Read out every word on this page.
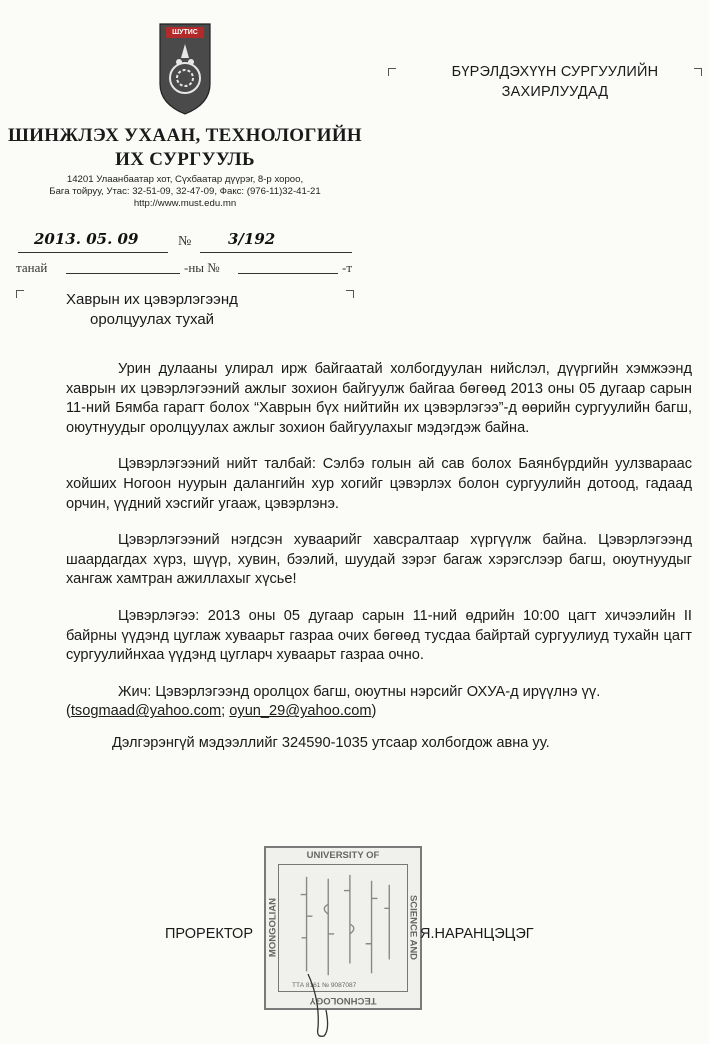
ШУТИС
ШИНЖЛЭХ УХААН, ТЕХНОЛОГИЙН
ИХ СУРГУУЛЬ
14201 Улаанбаатар хот, Сүхбаатар дүүрэг, 8-р хороо,
Бага тойруу, Утас: 32-51-09, 32-47-09, Факс: (976-11)32-41-21
http://www.must.edu.mn
2013. 05. 09	№ 3/192
танай	-ны №	-т
БҮРЭЛДЭХҮҮН СУРГУУЛИЙН
ЗАХИРЛУУДАД
Хаврын их цэвэрлэгээнд
оролцуулах тухай

Урин дулааны улирал ирж байгаатай холбогдуулан нийслэл, дүүргийн хэмжээнд хаврын их цэвэрлэгээний ажлыг зохион байгуулж байгаа бөгөөд 2013 оны 05 дугаар сарын 11-ний Бямба гарагт болох “Хаврын бүх нийтийн их цэвэрлэгээ”-д өөрийн сургуулийн багш, оюутнуудыг оролцуулах ажлыг зохион байгуулахыг мэдэгдэж байна.

Цэвэрлэгээний нийт талбай: Сэлбэ голын ай сав болох Баянбүрдийн уулзвараас хойших Ногоон нуурын далангийн хур хогийг цэвэрлэх болон сургуулийн дотоод, гадаад орчин, үүдний хэсгийг угааж, цэвэрлэнэ.

Цэвэрлэгээний нэгдсэн хуваарийг хавсралтаар хүргүүлж байна. Цэвэрлэгээнд шаардагдах хүрз, шүүр, хувин, бээлий, шуудай зэрэг багаж хэрэгслээр багш, оюутнуудыг хангаж хамтран ажиллахыг хүсье!

Цэвэрлэгээ: 2013 оны 05 дугаар сарын 11-ний өдрийн 10:00 цагт хичээлийн II байрны үүдэнд цуглаж хуваарьт газраа очих бөгөөд тусдаа байртай сургуулиуд тухайн цагт сургуулийнхаа үүдэнд цугларч хуваарьт газраа очно.

Жич: Цэвэрлэгээнд оролцох багш, оюутны нэрсийг ОХУА-д ирүүлнэ үү.
(tsogmaad@yahoo.com; oyun_29@yahoo.com)

Дэлгэрэнгүй мэдээллийг 324590-1035 утсаар холбогдож авна уу.

UNIVERSITY OF
SCIENCE AND
TECHNOLOGY
MONGOLIAN
ТТА 8161 № 9087087
ПРОРЕКТОР	Я.НАРАНЦЭЦЭГ
